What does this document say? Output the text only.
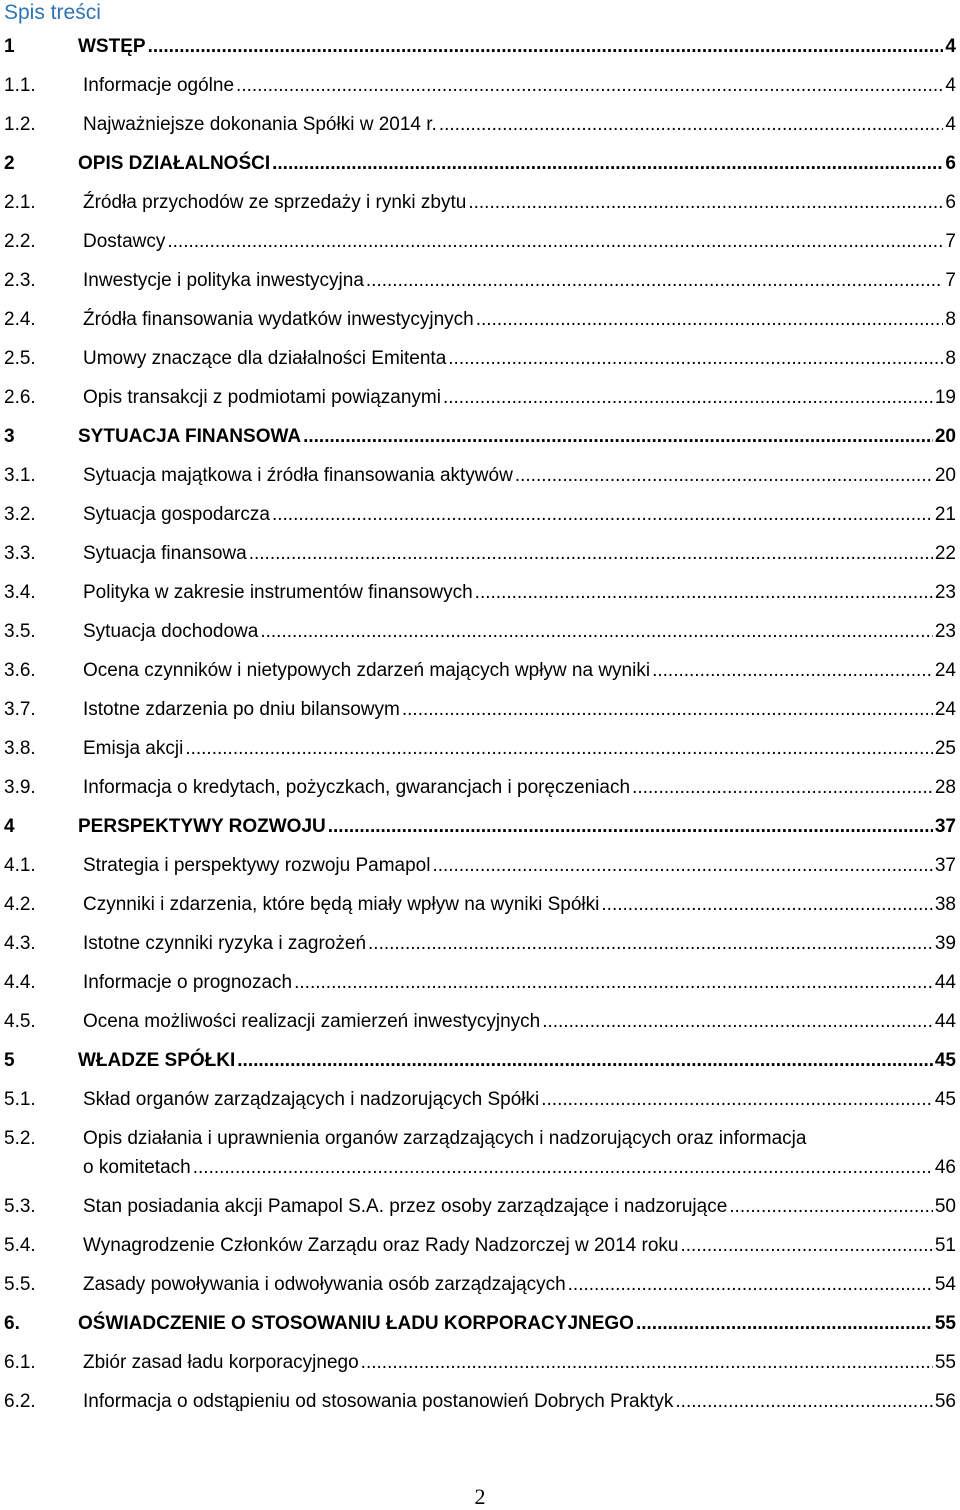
Spis treści
1	WSTĘP .....	4
1.1. Informacje ogólne .....	4
1.2. Najważniejsze dokonania Spółki w 2014 r. .....	4
2	OPIS DZIAŁALNOŚCI .....	6
2.1. Źródła przychodów ze sprzedaży i rynki zbytu .....	6
2.2. Dostawcy .....	7
2.3. Inwestycje i polityka inwestycyjna .....	7
2.4. Źródła finansowania wydatków inwestycyjnych .....	8
2.5. Umowy znaczące dla działalności Emitenta .....	8
2.6. Opis transakcji z podmiotami powiązanymi .....	19
3	SYTUACJA FINANSOWA .....	20
3.1. Sytuacja majątkowa i źródła finansowania aktywów .....	20
3.2. Sytuacja gospodarcza .....	21
3.3. Sytuacja finansowa .....	22
3.4. Polityka w zakresie instrumentów finansowych .....	23
3.5. Sytuacja dochodowa .....	23
3.6. Ocena czynników i nietypowych zdarzeń mających wpływ na wyniki .....	24
3.7. Istotne zdarzenia po dniu bilansowym .....	24
3.8. Emisja akcji .....	25
3.9. Informacja o kredytach, pożyczkach, gwarancjach i poręczeniach .....	28
4	PERSPEKTYWY ROZWOJU .....	37
4.1. Strategia i perspektywy rozwoju Pamapol .....	37
4.2. Czynniki i zdarzenia, które będą miały wpływ na wyniki Spółki .....	38
4.3. Istotne czynniki ryzyka i zagrożeń .....	39
4.4. Informacje o prognozach .....	44
4.5. Ocena możliwości realizacji zamierzeń inwestycyjnych .....	44
5	WŁADZE SPÓŁKI .....	45
5.1. Skład organów zarządzających i nadzorujących Spółki .....	45
5.2. Opis działania i uprawnienia organów zarządzających i nadzorujących oraz informacja
o komitetach .....	46
5.3. Stan posiadania akcji Pamapol S.A. przez osoby zarządzające i nadzorujące .....	50
5.4. Wynagrodzenie Członków Zarządu oraz Rady Nadzorczej w 2014 roku .....	51
5.5. Zasady powoływania i odwoływania osób zarządzających .....	54
6.	OŚWIADCZENIE O STOSOWANIU ŁADU KORPORACYJNEGO .....	55
6.1. Zbiór zasad ładu korporacyjnego .....	55
6.2. Informacja o odstąpieniu od stosowania postanowień Dobrych Praktyk .....	56
2
